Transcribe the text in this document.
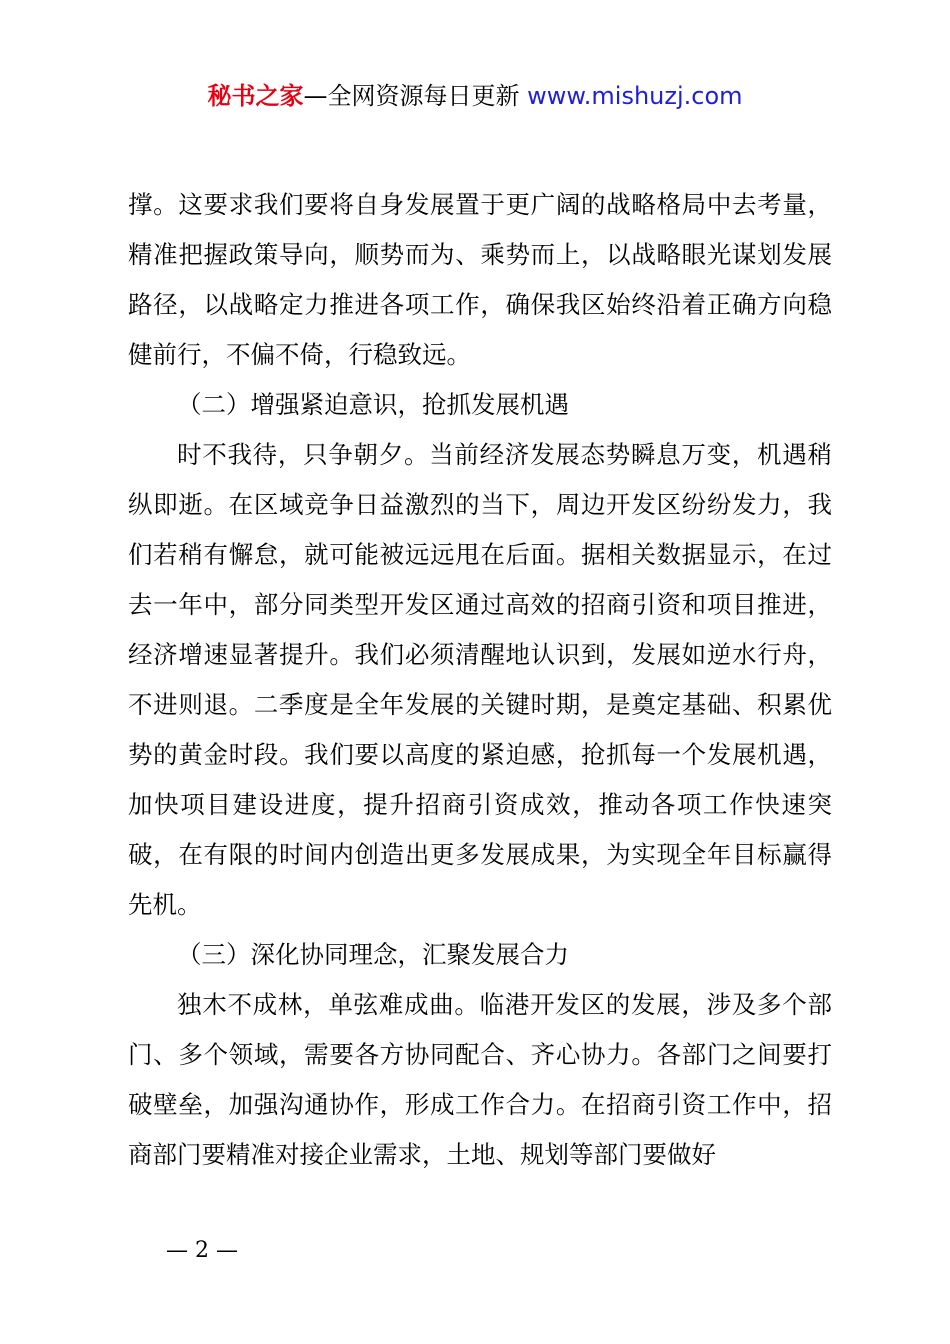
秘书之家—全网资源每日更新 www.mishuzj.com

撑。这要求我们要将自身发展置于更广阔的战略格局中去考量，精准把握政策导向，顺势而为、乘势而上，以战略眼光谋划发展路径，以战略定力推进各项工作，确保我区始终沿着正确方向稳健前行，不偏不倚，行稳致远。

（二）增强紧迫意识，抢抓发展机遇

时不我待，只争朝夕。当前经济发展态势瞬息万变，机遇稍纵即逝。在区域竞争日益激烈的当下，周边开发区纷纷发力，我们若稍有懈怠，就可能被远远甩在后面。据相关数据显示，在过去一年中，部分同类型开发区通过高效的招商引资和项目推进，经济增速显著提升。我们必须清醒地认识到，发展如逆水行舟，不进则退。二季度是全年发展的关键时期，是奠定基础、积累优势的黄金时段。我们要以高度的紧迫感，抢抓每一个发展机遇，加快项目建设进度，提升招商引资成效，推动各项工作快速突破，在有限的时间内创造出更多发展成果，为实现全年目标赢得先机。

（三）深化协同理念，汇聚发展合力

独木不成林，单弦难成曲。临港开发区的发展，涉及多个部门、多个领域，需要各方协同配合、齐心协力。各部门之间要打破壁垒，加强沟通协作，形成工作合力。在招商引资工作中，招商部门要精准对接企业需求，土地、规划等部门要做好

— 2 —
